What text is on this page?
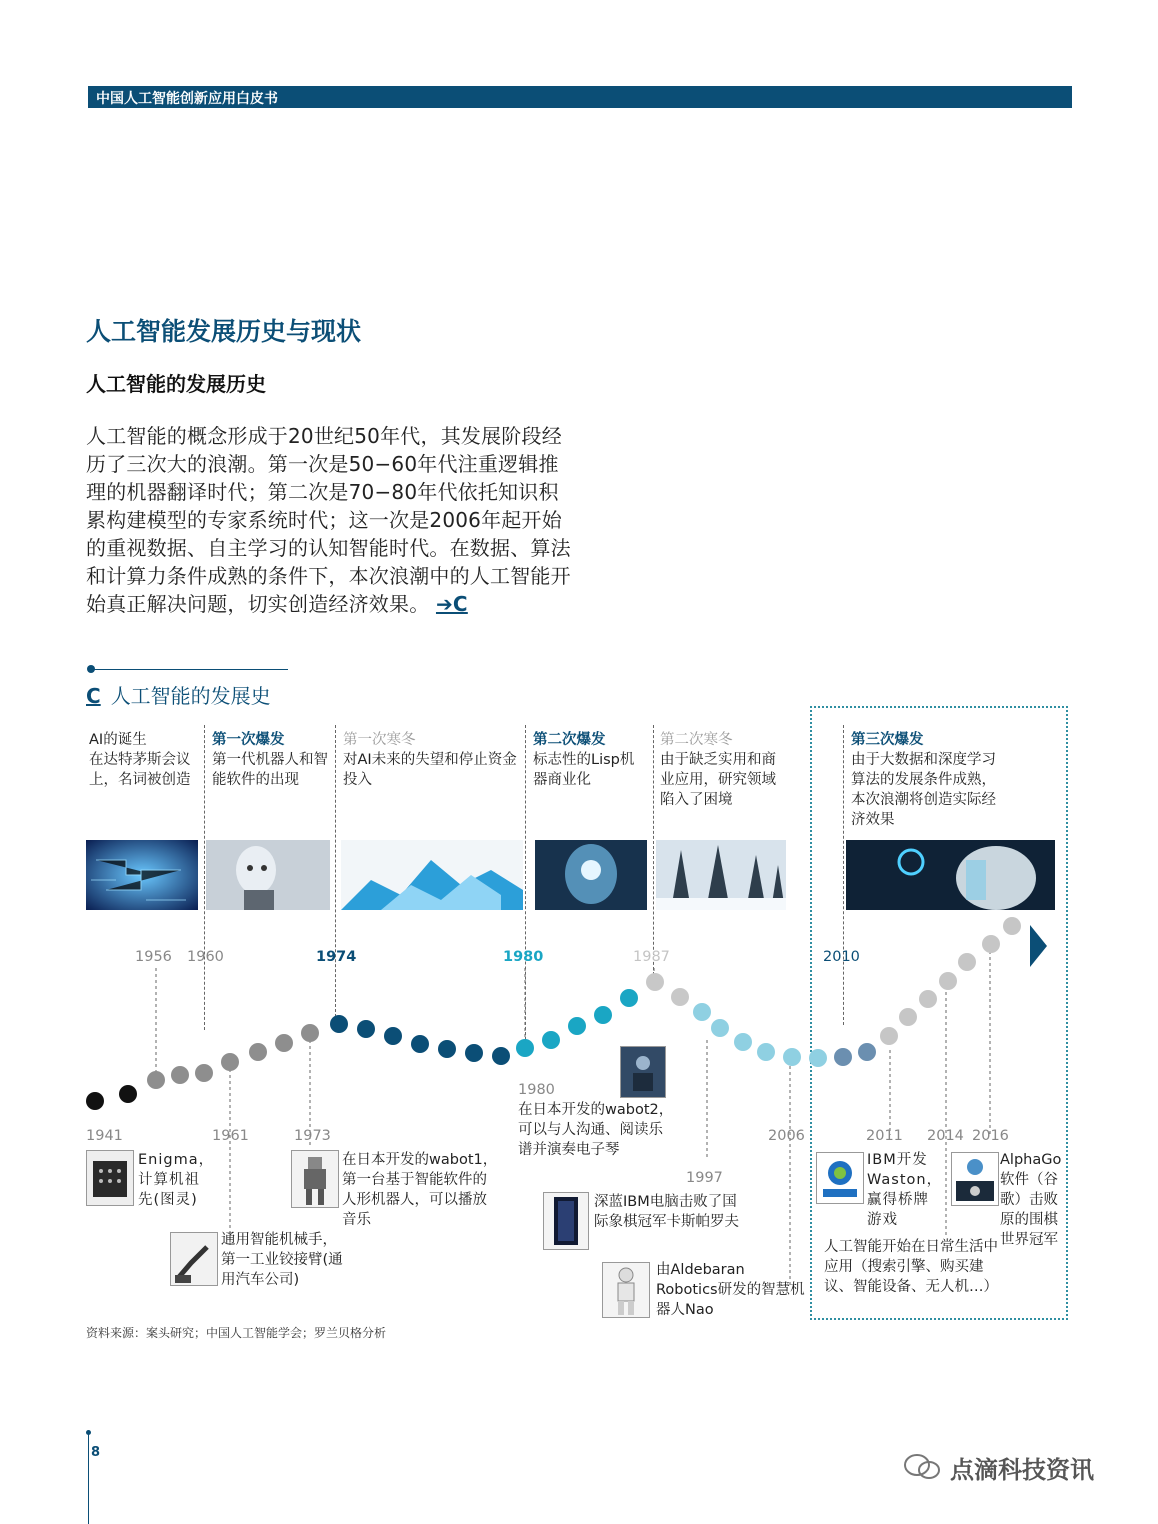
中国人工智能创新应用白皮书
人工智能发展历史与现状
人工智能的发展历史

人工智能的概念形成于20世纪50年代，其发展阶段经历了三次大的浪潮。第一次是50−60年代注重逻辑推理的机器翻译时代；第二次是70−80年代依托知识积累构建模型的专家系统时代；这一次是2006年起开始的重视数据、自主学习的认知智能时代。在数据、算法和计算力条件成熟的条件下，本次浪潮中的人工智能开始真正解决问题，切实创造经济效果。 ➔C

C 人工智能的发展史
AI的诞生
在达特茅斯会议上，名词被创造
第一次爆发
第一代机器人和智能软件的出现
第一次寒冬
对AI未来的失望和停止资金投入
第二次爆发
标志性的Lisp机器商业化
第二次寒冬
由于缺乏实用和商业应用，研究领域陷入了困境
第三次爆发
由于大数据和深度学习算法的发展条件成熟，本次浪潮将创造实际经济效果
1956 1960	1974	1980	1987	2010
1941	1961	1973
1980
2006
1997
2011 2014 2016
Enigma，计算机祖先(图灵)
通用智能机械手，第一工业铰接臂(通用汽车公司)
在日本开发的wabot1，第一台基于智能软件的人形机器人，可以播放音乐
在日本开发的wabot2，可以与人沟通、阅读乐谱并演奏电子琴
深蓝IBM电脑击败了国际象棋冠军卡斯帕罗夫
由Aldebaran Robotics研发的智慧机器人Nao
IBM开发Waston，赢得桥牌游戏
人工智能开始在日常生活中应用（搜索引擎、购买建议、智能设备、无人机…）
AlphaGo软件（谷歌）击败原的围棋世界冠军
资料来源：案头研究；中国人工智能学会；罗兰贝格分析
8
点滴科技资讯
